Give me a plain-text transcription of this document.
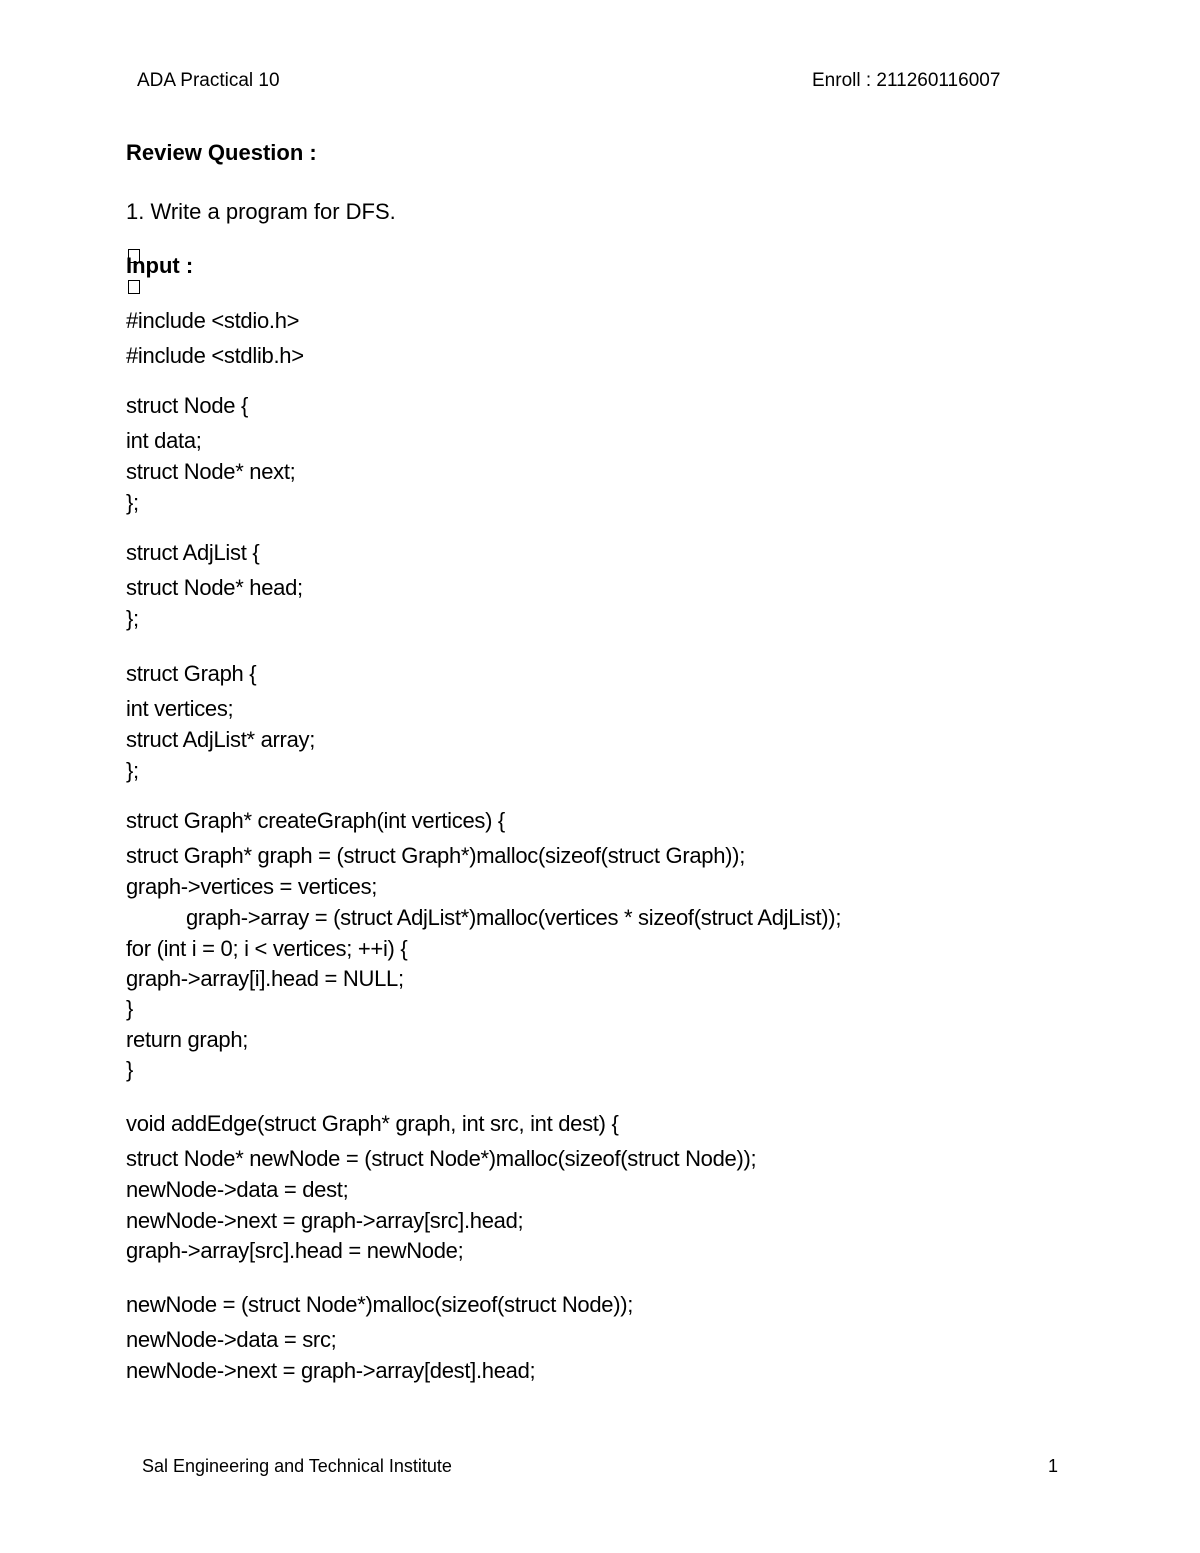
ADA Practical 10	Enroll : 211260116007
Review Question :
1. Write a program for DFS.
Input :
#include <stdio.h>
#include <stdlib.h>
struct Node {
int data;
struct Node* next;
};
struct AdjList {
struct Node* head;
};
struct Graph {
int vertices;
struct AdjList* array;
};
struct Graph* createGraph(int vertices) {
struct Graph* graph = (struct Graph*)malloc(sizeof(struct Graph));
graph->vertices = vertices;
graph->array = (struct AdjList*)malloc(vertices * sizeof(struct AdjList));
for (int i = 0; i < vertices; ++i) {
graph->array[i].head = NULL;
}
return graph;
}
void addEdge(struct Graph* graph, int src, int dest) {
struct Node* newNode = (struct Node*)malloc(sizeof(struct Node));
newNode->data = dest;
newNode->next = graph->array[src].head;
graph->array[src].head = newNode;
newNode = (struct Node*)malloc(sizeof(struct Node));
newNode->data = src;
newNode->next = graph->array[dest].head;
Sal Engineering and Technical Institute	1
